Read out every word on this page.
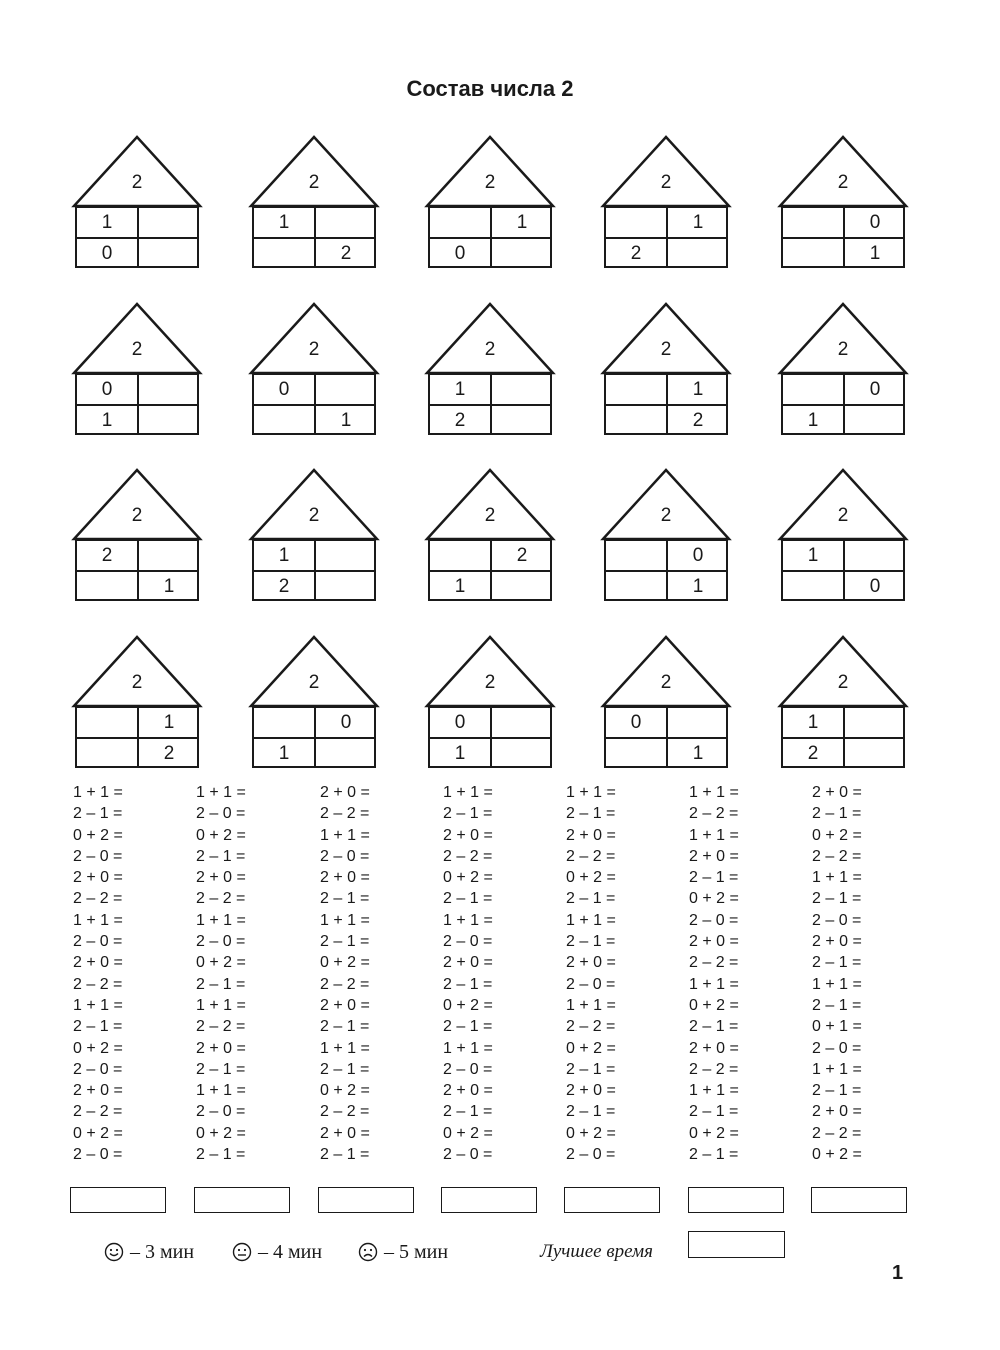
Состав числа 2
2
1
0
2
1
2
2
1
0
2
1
2
2
0
1
2
0
1
2
0
1
2
1
2
2
1
2
2
0
1
2
2
1
2
1
2
2
2
1
2
0
1
2
1
0
2
1
2
2
0
1
2
0
1
2
0
1
2
1
2
1 + 1 =
2 – 1 =
0 + 2 =
2 – 0 =
2 + 0 =
2 – 2 =
1 + 1 =
2 – 0 =
2 + 0 =
2 – 2 =
1 + 1 =
2 – 1 =
0 + 2 =
2 – 0 =
2 + 0 =
2 – 2 =
0 + 2 =
2 – 0 =
1 + 1 =
2 – 0 =
0 + 2 =
2 – 1 =
2 + 0 =
2 – 2 =
1 + 1 =
2 – 0 =
0 + 2 =
2 – 1 =
1 + 1 =
2 – 2 =
2 + 0 =
2 – 1 =
1 + 1 =
2 – 0 =
0 + 2 =
2 – 1 =
2 + 0 =
2 – 2 =
1 + 1 =
2 – 0 =
2 + 0 =
2 – 1 =
1 + 1 =
2 – 1 =
0 + 2 =
2 – 2 =
2 + 0 =
2 – 1 =
1 + 1 =
2 – 1 =
0 + 2 =
2 – 2 =
2 + 0 =
2 – 1 =
1 + 1 =
2 – 1 =
2 + 0 =
2 – 2 =
0 + 2 =
2 – 1 =
1 + 1 =
2 – 0 =
2 + 0 =
2 – 1 =
0 + 2 =
2 – 1 =
1 + 1 =
2 – 0 =
2 + 0 =
2 – 1 =
0 + 2 =
2 – 0 =
1 + 1 =
2 – 1 =
2 + 0 =
2 – 2 =
0 + 2 =
2 – 1 =
1 + 1 =
2 – 1 =
2 + 0 =
2 – 0 =
1 + 1 =
2 – 2 =
0 + 2 =
2 – 1 =
2 + 0 =
2 – 1 =
0 + 2 =
2 – 0 =
1 + 1 =
2 – 2 =
1 + 1 =
2 + 0 =
2 – 1 =
0 + 2 =
2 – 0 =
2 + 0 =
2 – 2 =
1 + 1 =
0 + 2 =
2 – 1 =
2 + 0 =
2 – 2 =
1 + 1 =
2 – 1 =
0 + 2 =
2 – 1 =
2 + 0 =
2 – 1 =
0 + 2 =
2 – 2 =
1 + 1 =
2 – 1 =
2 – 0 =
2 + 0 =
2 – 1 =
1 + 1 =
2 – 1 =
0 + 1 =
2 – 0 =
1 + 1 =
2 – 1 =
2 + 0 =
2 – 2 =
0 + 2 =
– 3 мин	– 4 мин	– 5 мин	Лучшее время
1
